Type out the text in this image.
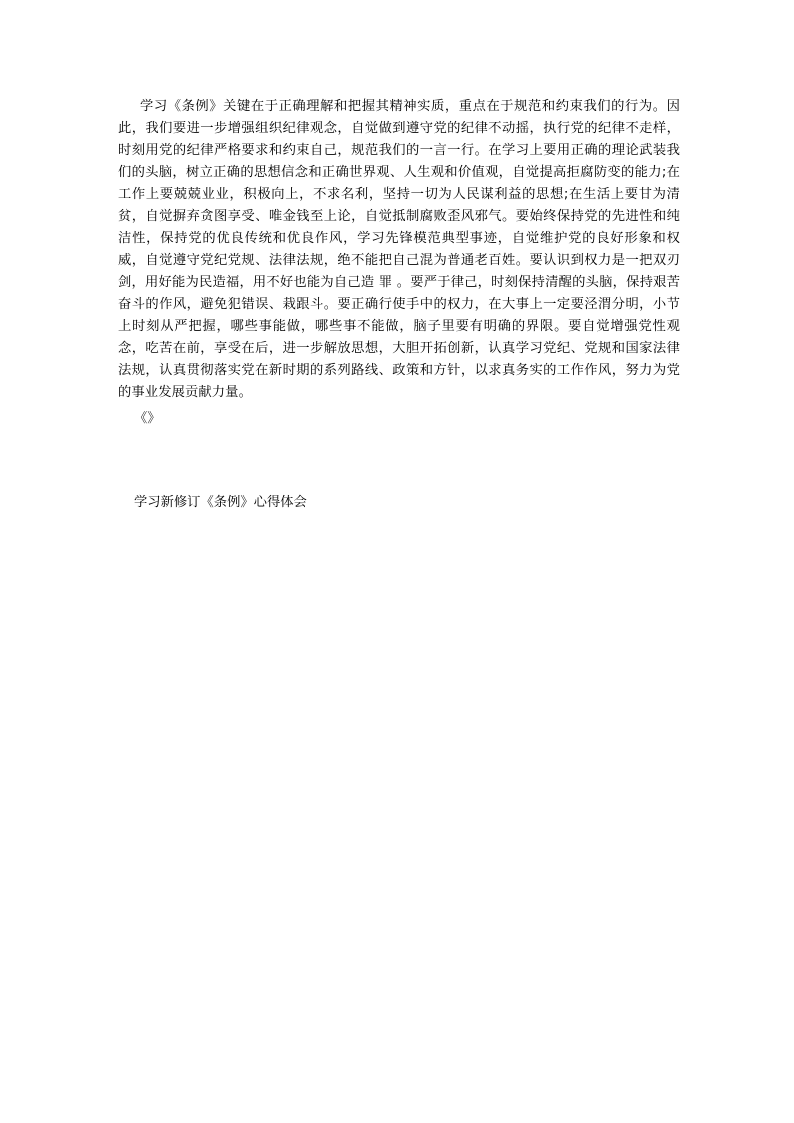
学习《条例》关键在于正确理解和把握其精神实质，重点在于规范和约束我们的行为。因此，我们要进一步增强组织纪律观念，自觉做到遵守党的纪律不动摇，执行党的纪律不走样，时刻用党的纪律严格要求和约束自己，规范我们的一言一行。在学习上要用正确的理论武装我们的头脑，树立正确的思想信念和正确世界观、人生观和价值观，自觉提高拒腐防变的能力;在工作上要兢兢业业，积极向上，不求名利，坚持一切为人民谋利益的思想;在生活上要甘为清贫，自觉摒弃贪图享受、唯金钱至上论，自觉抵制腐败歪风邪气。要始终保持党的先进性和纯洁性，保持党的优良传统和优良作风，学习先锋模范典型事迹，自觉维护党的良好形象和权威，自觉遵守党纪党规、法律法规，绝不能把自己混为普通老百姓。要认识到权力是一把双刃剑，用好能为民造福，用不好也能为自己造 罪 。要严于律己，时刻保持清醒的头脑，保持艰苦奋斗的作风，避免犯错误、栽跟斗。要正确行使手中的权力，在大事上一定要泾渭分明，小节上时刻从严把握，哪些事能做，哪些事不能做，脑子里要有明确的界限。要自觉增强党性观念，吃苦在前，享受在后，进一步解放思想，大胆开拓创新，认真学习党纪、党规和国家法律法规，认真贯彻落实党在新时期的系列路线、政策和方针，以求真务实的工作作风，努力为党的事业发展贡献力量。

《》

学习新修订《条例》心得体会
